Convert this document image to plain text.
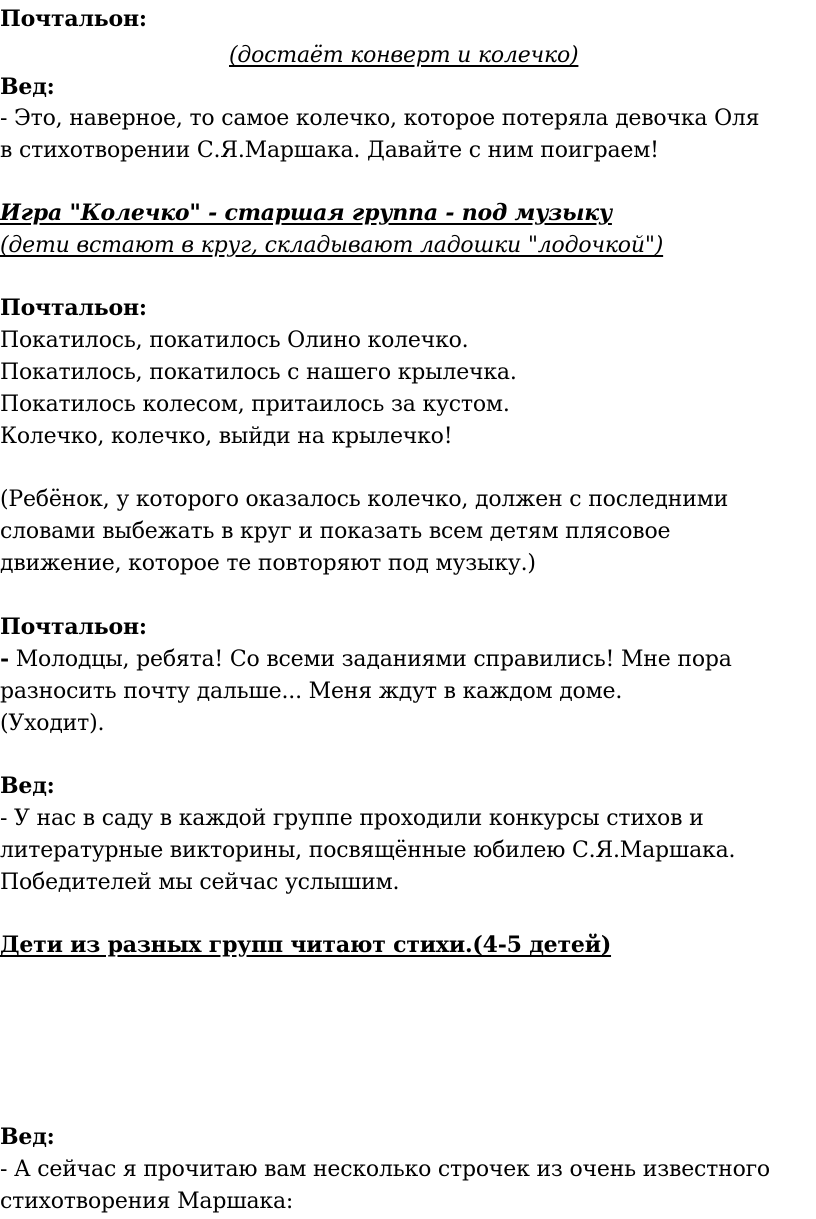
Почтальон:
(достаёт конверт и колечко)
Вед:
- Это, наверное, то самое колечко, которое потеряла девочка Оля
в стихотворении С.Я.Маршака. Давайте с ним поиграем!
Игра "Колечко" - старшая группа - под музыку
(дети встают в круг, складывают ладошки "лодочкой")
Почтальон:
Покатилось, покатилось Олино колечко.
Покатилось, покатилось с нашего крылечка.
Покатилось колесом, притаилось за кустом.
Колечко, колечко, выйди на крылечко!
(Ребёнок, у которого оказалось колечко, должен с последними
словами выбежать в круг и показать всем детям плясовое
движение, которое те повторяют под музыку.)
Почтальон:
- Молодцы, ребята! Со всеми заданиями справились! Мне пора
разносить почту дальше... Меня ждут в каждом доме.
(Уходит).
Вед:
- У нас в саду в каждой группе проходили конкурсы стихов и
литературные викторины, посвящённые юбилею С.Я.Маршака.
Победителей мы сейчас услышим.
Дети из разных групп читают стихи.(4-5 детей)
Вед:
- А сейчас я прочитаю вам несколько строчек из очень известного
стихотворения Маршака:
